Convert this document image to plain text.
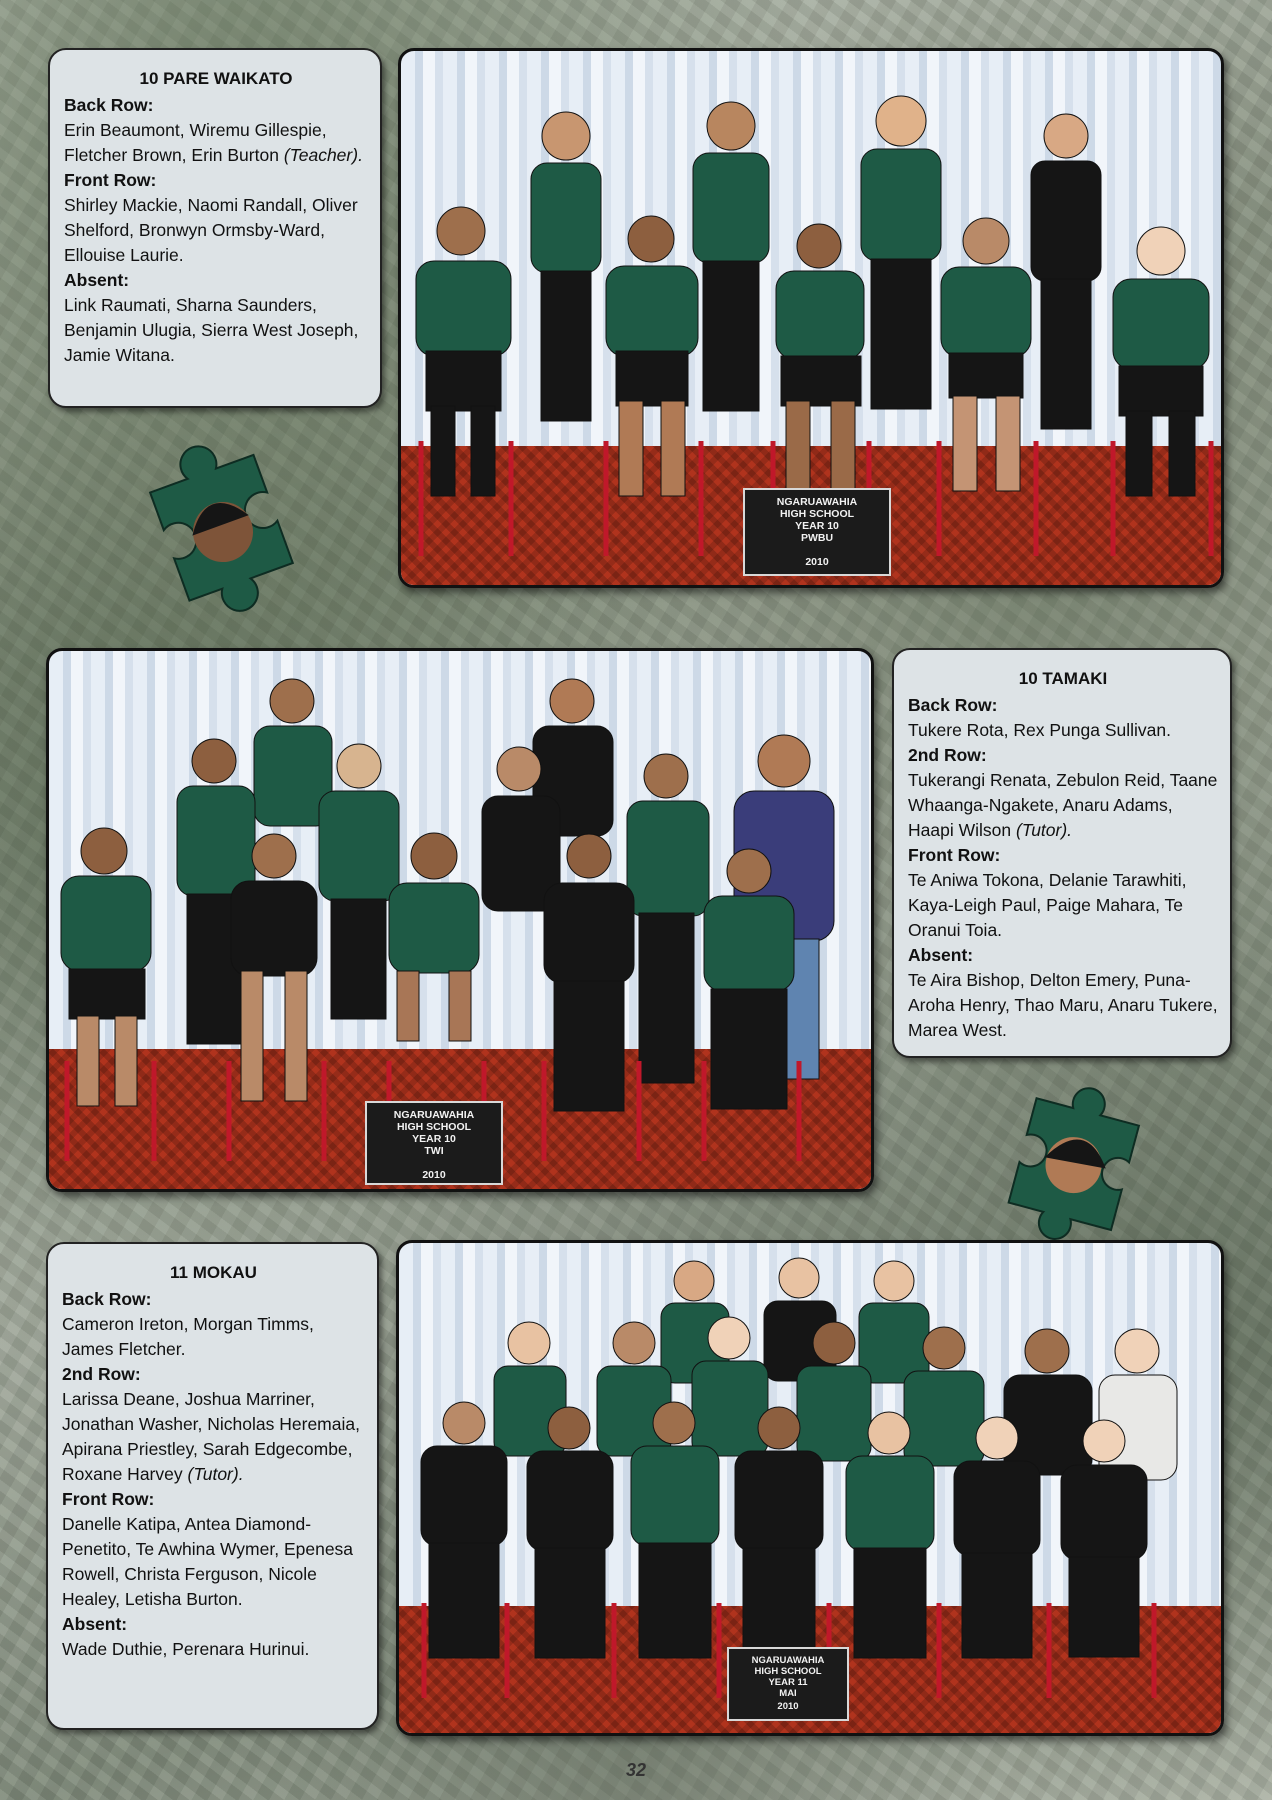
10 PARE WAIKATO
Back Row:
Erin Beaumont, Wiremu Gillespie, Fletcher Brown, Erin Burton (Teacher).
Front Row:
Shirley Mackie, Naomi Randall, Oliver Shelford, Bronwyn Ormsby-Ward, Ellouise Laurie.
Absent:
Link Raumati, Sharna Saunders, Benjamin Ulugia, Sierra West Joseph, Jamie Witana.
NGARUAWAHIA
HIGH SCHOOL
YEAR 10
PWBU
2010
NGARUAWAHIA
HIGH SCHOOL
YEAR 10
TWI
2010
10 TAMAKI
Back Row:
Tukere Rota, Rex Punga Sullivan.
2nd Row:
Tukerangi Renata, Zebulon Reid, Taane Whaanga-Ngakete, Anaru Adams, Haapi Wilson (Tutor).
Front Row:
Te Aniwa Tokona, Delanie Tarawhiti, Kaya-Leigh Paul, Paige Mahara, Te Oranui Toia.
Absent:
Te Aira Bishop, Delton Emery, Puna-Aroha Henry, Thao Maru, Anaru Tukere, Marea West.
11 MOKAU
Back Row:
Cameron Ireton, Morgan Timms, James Fletcher.
2nd Row:
Larissa Deane, Joshua Marriner, Jonathan Washer, Nicholas Heremaia, Apirana Priestley, Sarah Edgecombe, Roxane Harvey (Tutor).
Front Row:
Danelle Katipa, Antea Diamond-Penetito, Te Awhina Wymer, Epenesa Rowell, Christa Ferguson, Nicole Healey, Letisha Burton.
Absent:
Wade Duthie, Perenara Hurinui.
NGARUAWAHIA
HIGH SCHOOL
YEAR 11
MAI
2010
32
